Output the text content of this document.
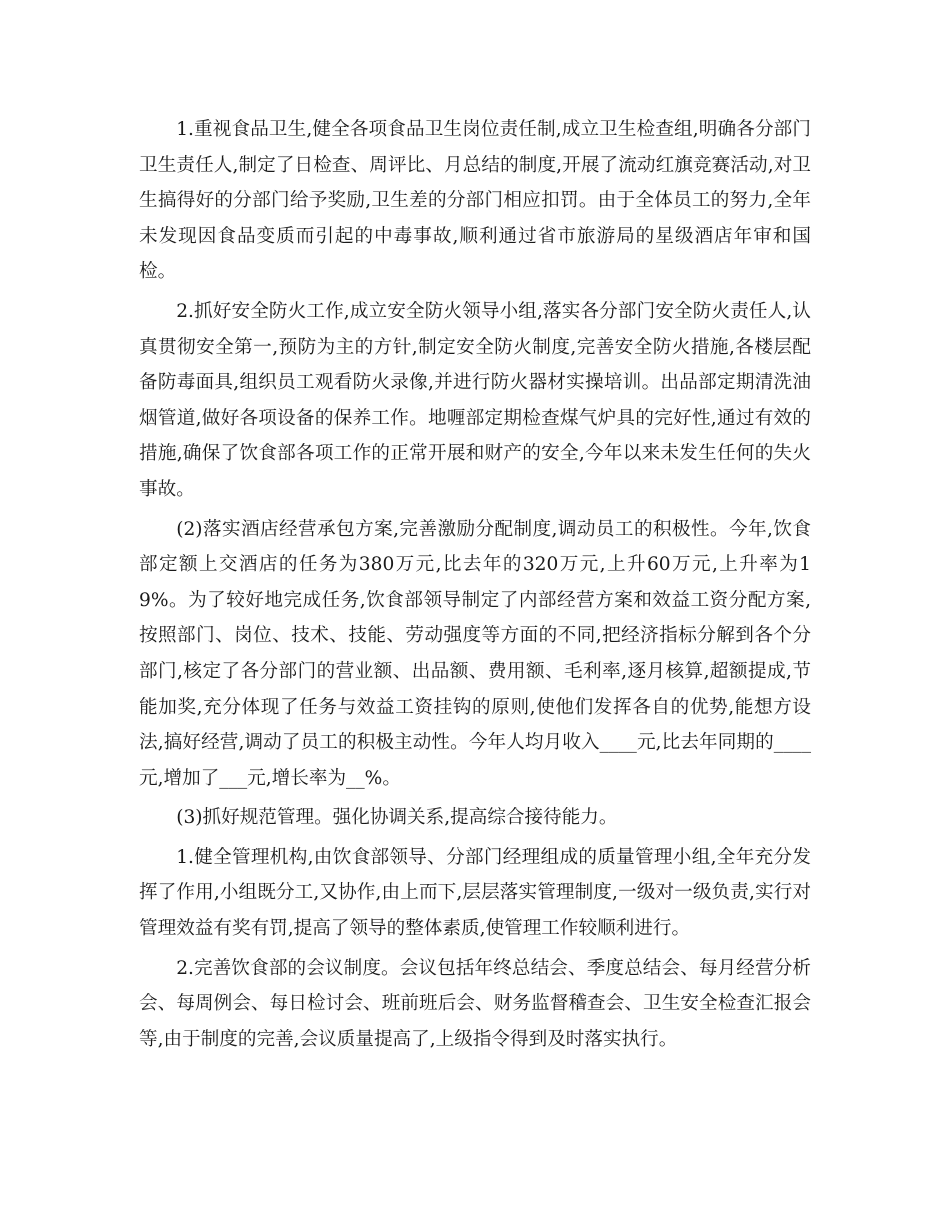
1.重视食品卫生,健全各项食品卫生岗位责任制,成立卫生检查组,明确各分部门卫生责任人,制定了日检查、周评比、月总结的制度,开展了流动红旗竞赛活动,对卫生搞得好的分部门给予奖励,卫生差的分部门相应扣罚。由于全体员工的努力,全年未发现因食品变质而引起的中毒事故,顺利通过省市旅游局的星级酒店年审和国检。

2.抓好安全防火工作,成立安全防火领导小组,落实各分部门安全防火责任人,认真贯彻安全第一,预防为主的方针,制定安全防火制度,完善安全防火措施,各楼层配备防毒面具,组织员工观看防火录像,并进行防火器材实操培训。出品部定期清洗油烟管道,做好各项设备的保养工作。地喱部定期检查煤气炉具的完好性,通过有效的措施,确保了饮食部各项工作的正常开展和财产的安全,今年以来未发生任何的失火事故。

(2)落实酒店经营承包方案,完善激励分配制度,调动员工的积极性。今年,饮食部定额上交酒店的任务为380万元,比去年的320万元,上升60万元,上升率为19%。为了较好地完成任务,饮食部领导制定了内部经营方案和效益工资分配方案,按照部门、岗位、技术、技能、劳动强度等方面的不同,把经济指标分解到各个分部门,核定了各分部门的营业额、出品额、费用额、毛利率,逐月核算,超额提成,节能加奖,充分体现了任务与效益工资挂钩的原则,使他们发挥各自的优势,能想方设法,搞好经营,调动了员工的积极主动性。今年人均月收入____元,比去年同期的____元,增加了___元,增长率为__%。

(3)抓好规范管理。强化协调关系,提高综合接待能力。

1.健全管理机构,由饮食部领导、分部门经理组成的质量管理小组,全年充分发挥了作用,小组既分工,又协作,由上而下,层层落实管理制度,一级对一级负责,实行对管理效益有奖有罚,提高了领导的整体素质,使管理工作较顺利进行。

2.完善饮食部的会议制度。会议包括年终总结会、季度总结会、每月经营分析会、每周例会、每日检讨会、班前班后会、财务监督稽查会、卫生安全检查汇报会等,由于制度的完善,会议质量提高了,上级指令得到及时落实执行。
